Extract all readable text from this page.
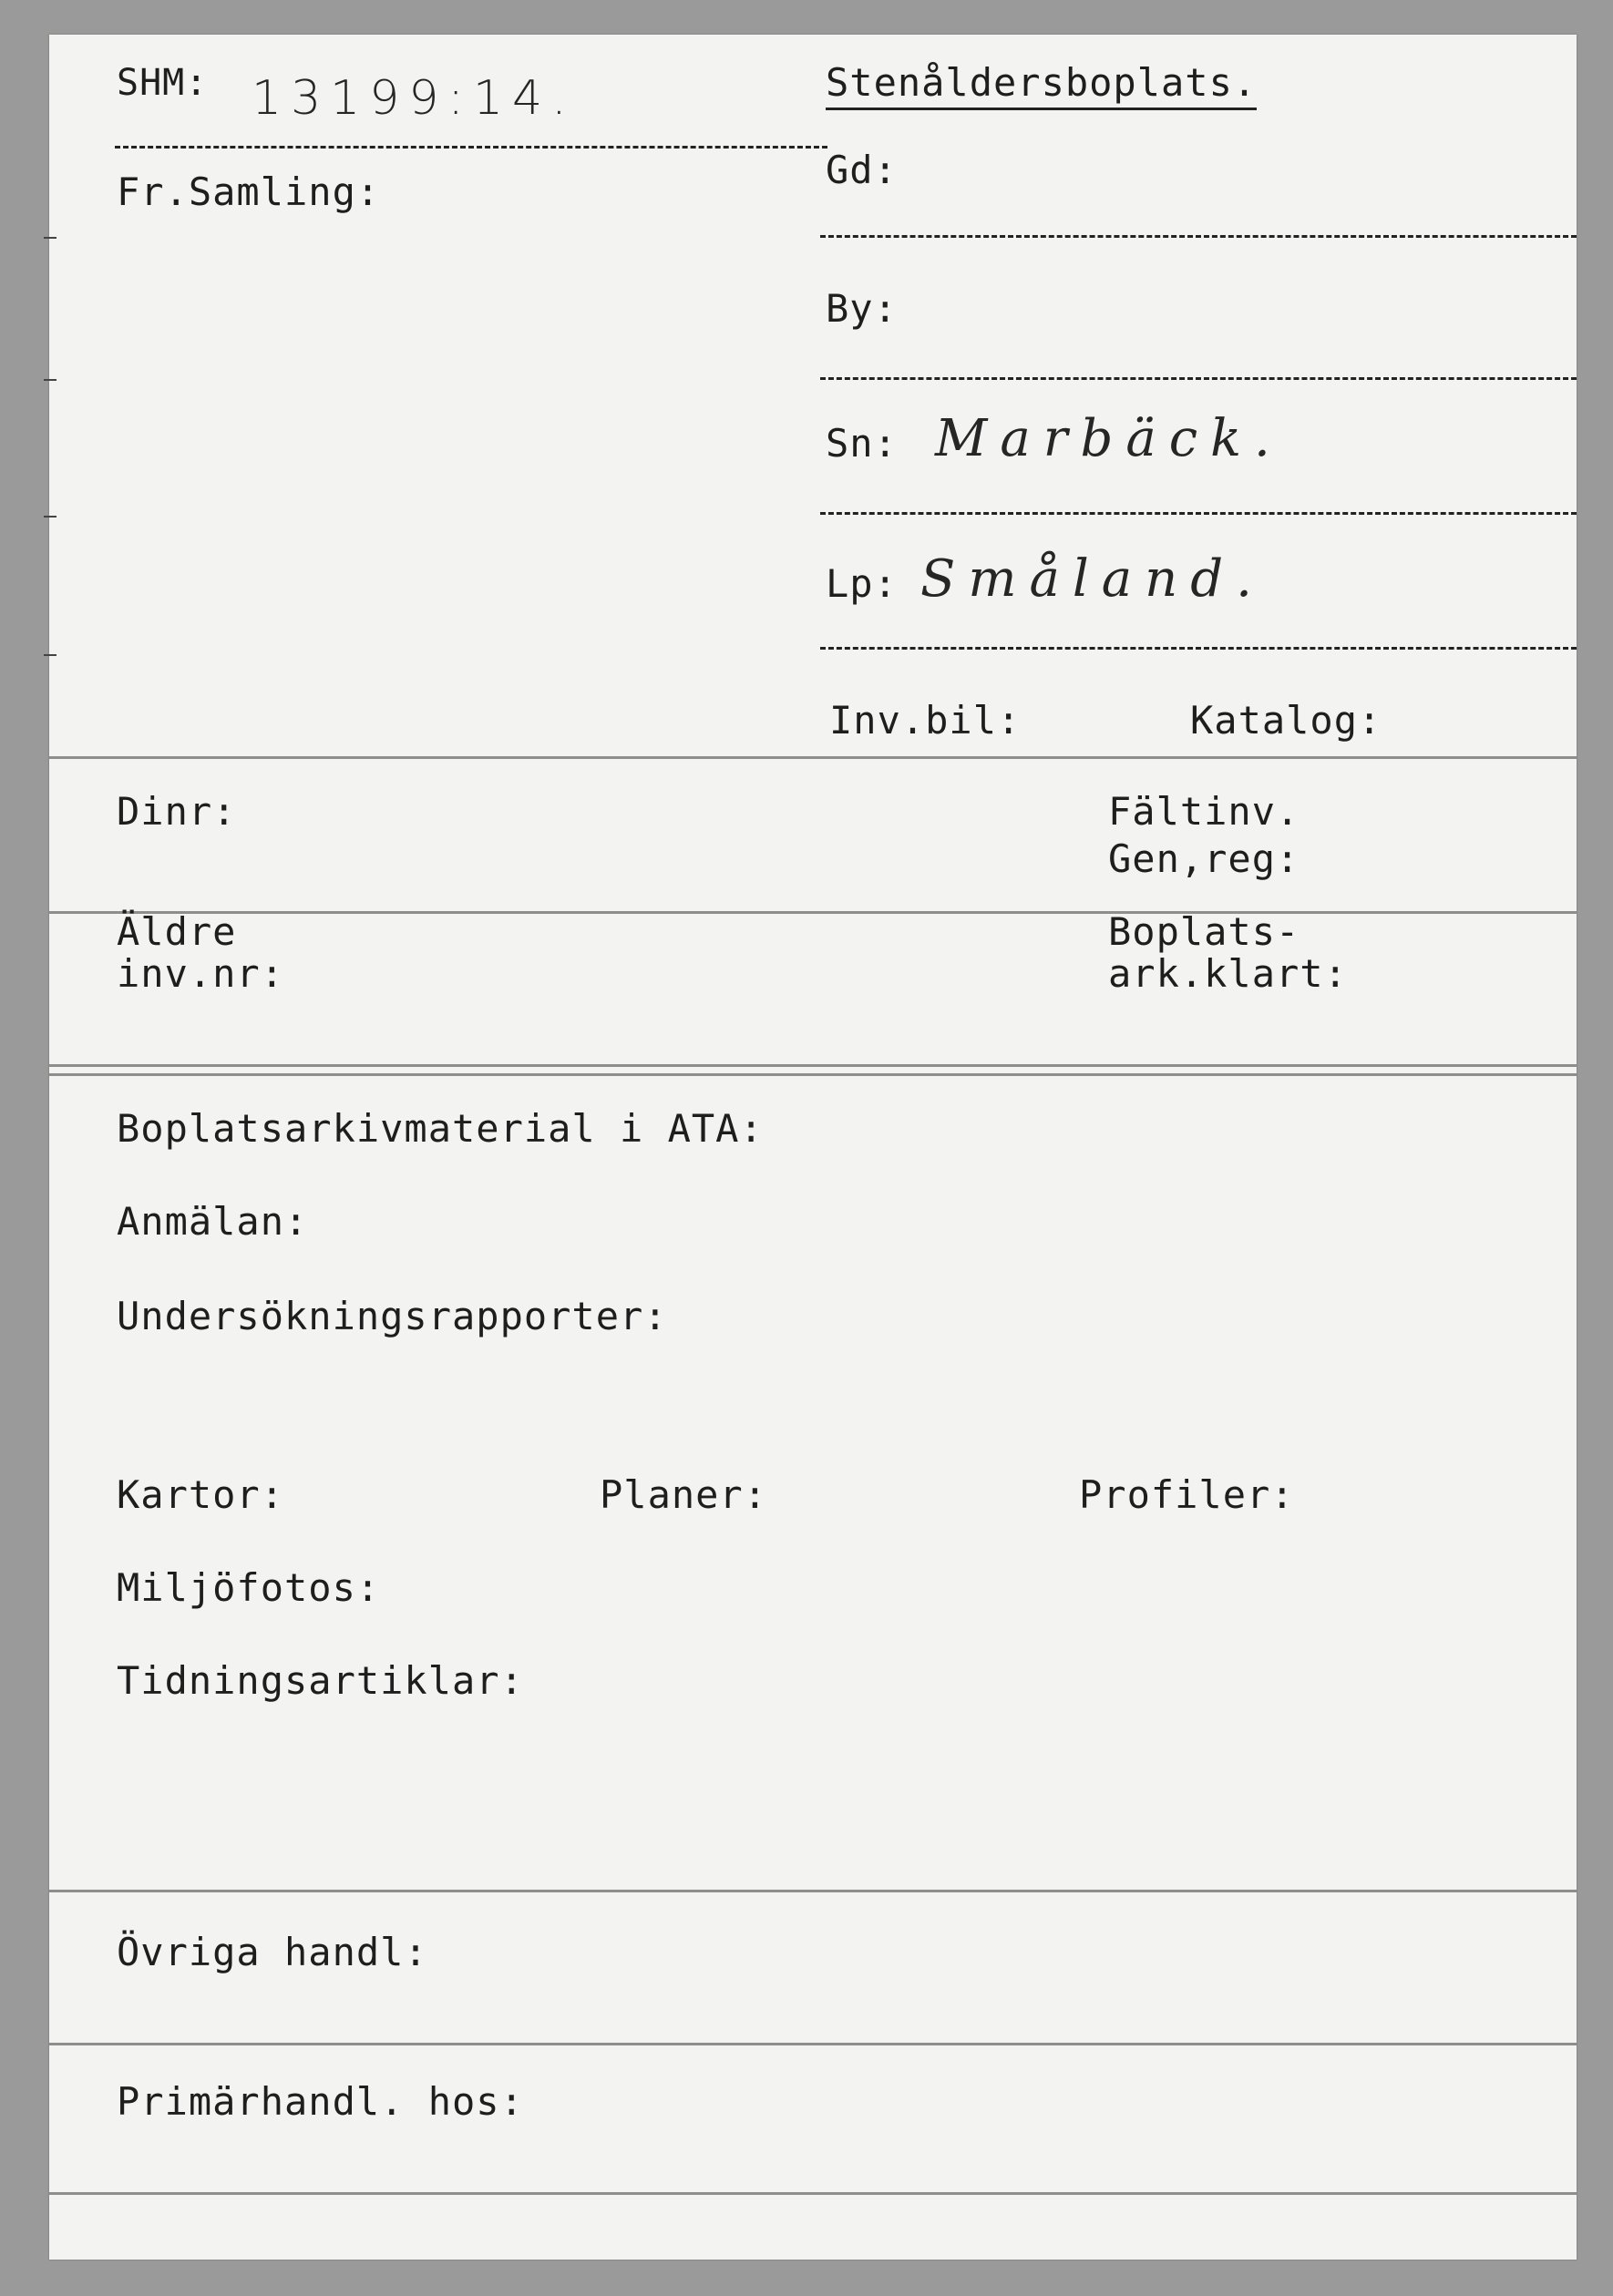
SHM: 13199:14.	Stenåldersboplats.
Fr.Samling:	Gd:
By:
Sn: Marbäck.
Lp: Småland.
Inv.bil:	Katalog:
Dinr:	Fältinv.
Gen,reg:
Äldre
inv.nr:
Boplats-
ark.klart:
Boplatsarkivmaterial i ATA:
Anmälan:
Undersökningsrapporter:
Kartor:	Planer:	Profiler:
Miljöfotos:
Tidningsartiklar:
Övriga handl:
Primärhandl. hos:
